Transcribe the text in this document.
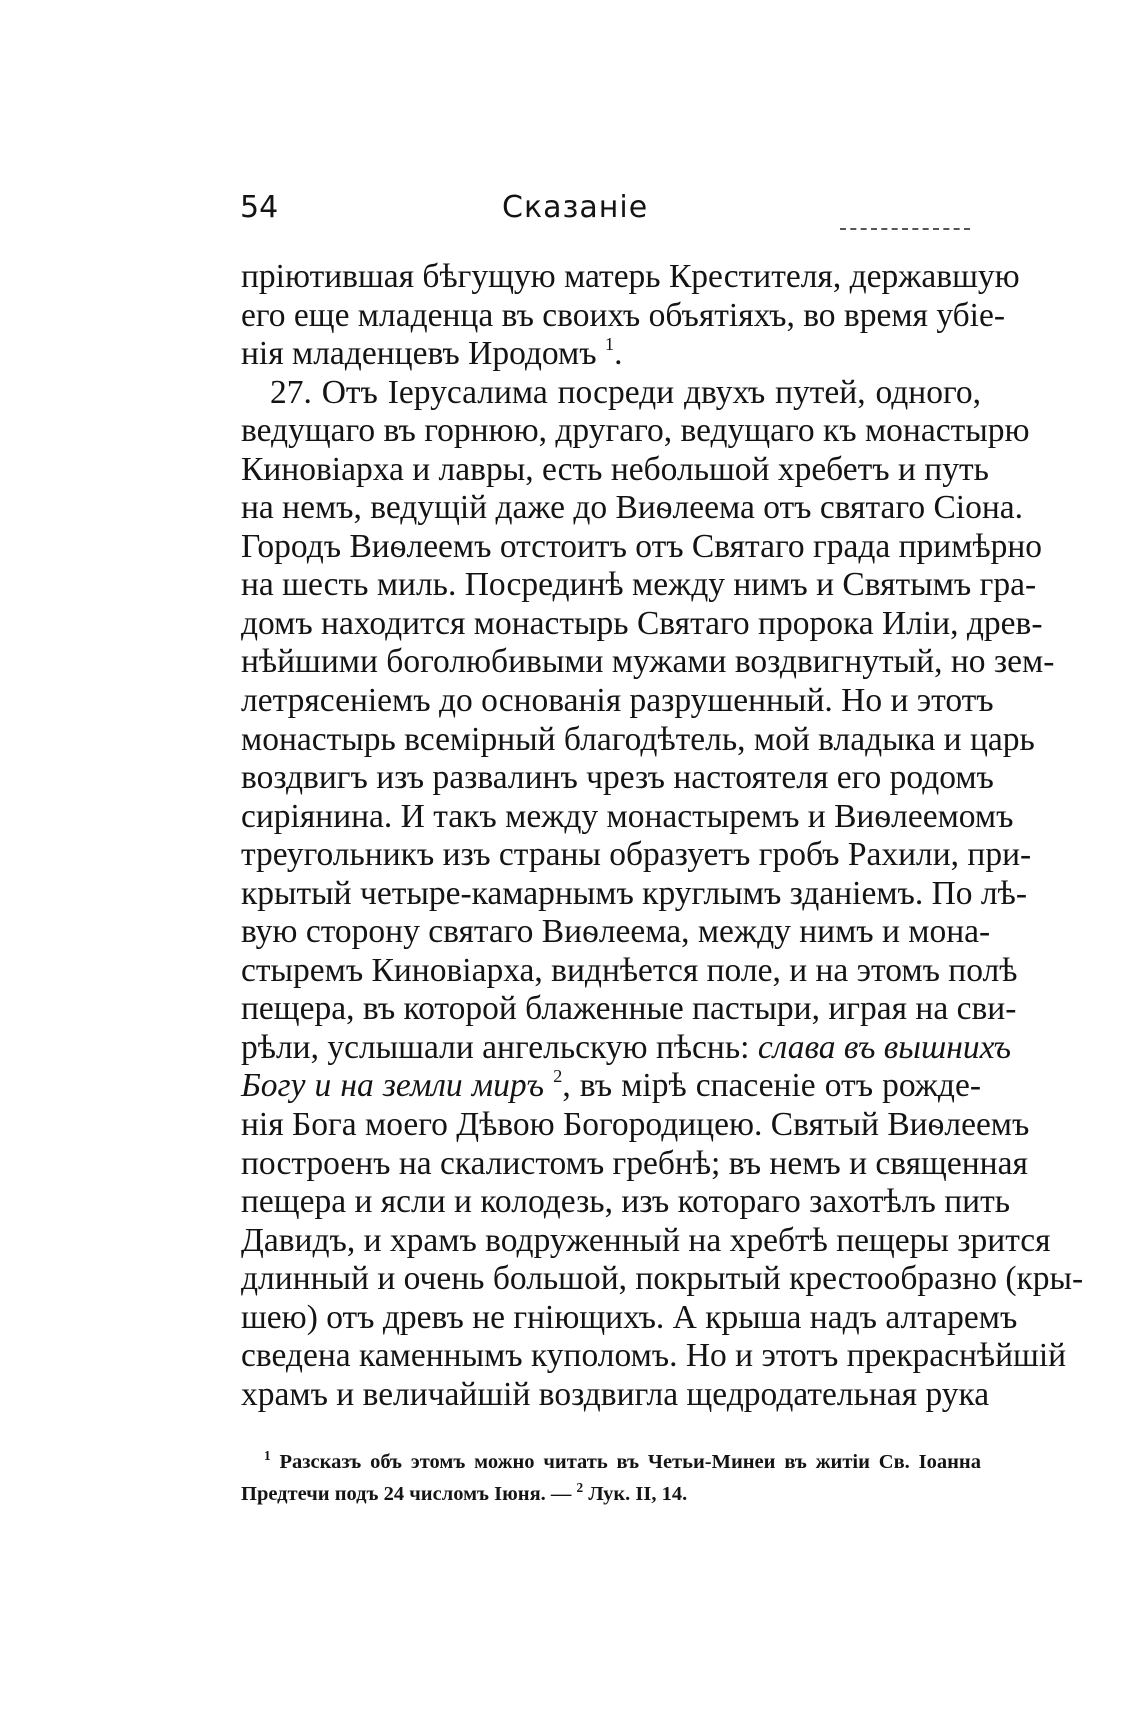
54	Сказаніе
пріютившая бѣгущую матерь Крестителя, державшую
его еще младенца въ своихъ объятіяхъ, во время убіе-
нія младенцевъ Иродомъ $^1$.
27. Отъ Іерусалима посреди двухъ путей, одного,
ведущаго въ горнюю, другаго, ведущаго къ монастырю
Киновіарха и лавры, есть небольшой хребетъ и путь
на немъ, ведущій даже до Виѳлеема отъ святаго Сіона.
Городъ Виѳлеемъ отстоитъ отъ Святаго града примѣрно
на шесть миль. Посрединѣ между нимъ и Святымъ гра-
домъ находится монастырь Святаго пророка Иліи, древ-
нѣйшими боголюбивыми мужами воздвигнутый, но зем-
летрясеніемъ до основанія разрушенный. Но и этотъ
монастырь всемірный благодѣтель, мой владыка и царь
воздвигъ изъ развалинъ чрезъ настоятеля его родомъ
сиріянина. И такъ между монастыремъ и Виѳлеемомъ
треугольникъ изъ страны образуетъ гробъ Рахили, при-
крытый четыре-камарнымъ круглымъ зданіемъ. По лѣ-
вую сторону святаго Виѳлеема, между нимъ и мона-
стыремъ Киновіарха, виднѣется поле, и на этомъ полѣ
пещера, въ которой блаженные пастыри, играя на сви-
рѣли, услышали ангельскую пѣснь: слава въ вышнихъ
Богу и на земли миръ $^2$, въ мірѣ спасеніе отъ рожде-
нія Бога моего Дѣвою Богородицею. Святый Виѳлеемъ
построенъ на скалистомъ гребнѣ; въ немъ и священная
пещера и ясли и колодезь, изъ котораго захотѣлъ пить
Давидъ, и храмъ водруженный на хребтѣ пещеры зрится
длинный и очень большой, покрытый крестообразно (кры-
шею) отъ древъ не гніющихъ. А крыша надъ алтаремъ
сведена каменнымъ куполомъ. Но и этотъ прекраснѣйшій
храмъ и величайшій воздвигла щедродательная рука
$^1$ Разсказъ объ этомъ можно читать въ Четьи-Минеи въ житіи Св. Іоанна
Предтечи подъ 24 числомъ Іюня. — $^2$ Лук. II, 14.
